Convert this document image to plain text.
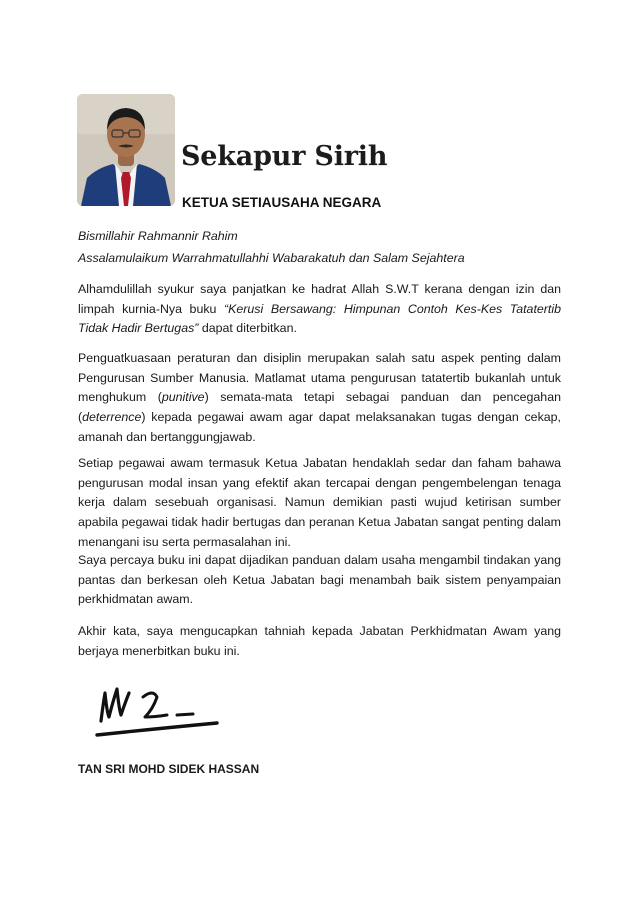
Sekapur Sirih
KETUA SETIAUSAHA NEGARA
Bismillahir Rahmannir Rahim
Assalamulaikum Warrahmatullahhi Wabarakatuh dan Salam Sejahtera
Alhamdulillah syukur saya panjatkan ke hadrat Allah S.W.T kerana dengan izin dan limpah kurnia-Nya buku “Kerusi Bersawang: Himpunan Contoh Kes-Kes Tatatertib Tidak Hadir Bertugas” dapat diterbitkan.
Penguatkuasaan peraturan dan disiplin merupakan salah satu aspek penting dalam Pengurusan Sumber Manusia. Matlamat utama pengurusan tatatertib bukanlah untuk menghukum (punitive) semata-mata tetapi sebagai panduan dan pencegahan (deterrence) kepada pegawai awam agar dapat melaksanakan tugas dengan cekap, amanah dan bertanggungjawab.
Setiap pegawai awam termasuk Ketua Jabatan hendaklah sedar dan faham bahawa pengurusan modal insan yang efektif akan tercapai dengan pengembelengan tenaga kerja dalam sesebuah organisasi. Namun demikian pasti wujud ketirisan sumber apabila pegawai tidak hadir bertugas dan peranan Ketua Jabatan sangat penting dalam menangani isu serta permasalahan ini.
Saya percaya buku ini dapat dijadikan panduan dalam usaha mengambil tindakan yang pantas dan berkesan oleh Ketua Jabatan bagi menambah baik sistem penyampaian perkhidmatan awam.
Akhir kata, saya mengucapkan tahniah kepada Jabatan Perkhidmatan Awam yang berjaya menerbitkan buku ini.
TAN SRI MOHD SIDEK HASSAN
